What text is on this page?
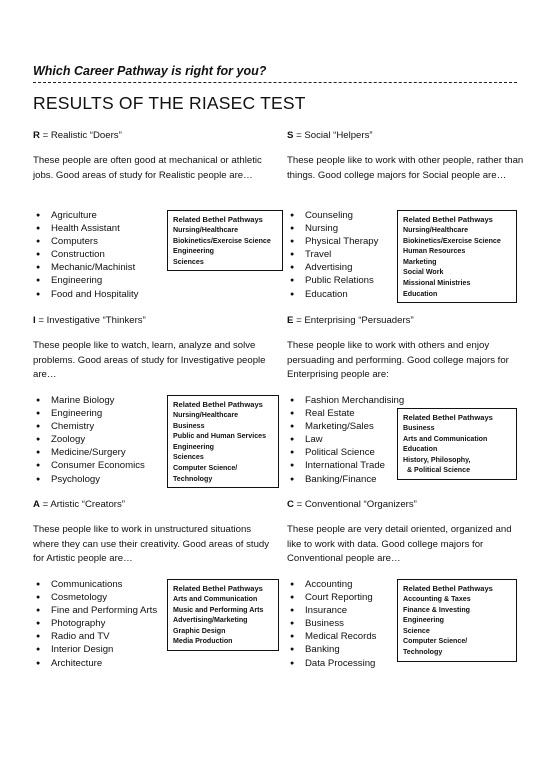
Which Career Pathway is right for you?
RESULTS OF THE RIASEC TEST
R = Realistic “Doers”
These people are often good at mechanical or athletic jobs. Good areas of study for Realistic people are…
● Agriculture
● Health Assistant
● Computers
● Construction
● Mechanic/Machinist
● Engineering
● Food and Hospitality
Related Bethel Pathways
Nursing/Healthcare
Biokinetics/Exercise Science
Engineering
Sciences
S = Social “Helpers”
These people like to work with other people, rather than things. Good college majors for Social people are…
● Counseling
● Nursing
● Physical Therapy
● Travel
● Advertising
● Public Relations
● Education
Related Bethel Pathways
Nursing/Healthcare
Biokinetics/Exercise Science
Human Resources
Marketing
Social Work
Missional Ministries
Education
I = Investigative “Thinkers”
These people like to watch, learn, analyze and solve problems. Good areas of study for Investigative people are…
● Marine Biology
● Engineering
● Chemistry
● Zoology
● Medicine/Surgery
● Consumer Economics
● Psychology
Related Bethel Pathways
Nursing/Healthcare
Business
Public and Human Services
Engineering
Sciences
Computer Science/
Technology
E = Enterprising “Persuaders”
These people like to work with others and enjoy persuading and performing. Good college majors for Enterprising people are:
● Fashion Merchandising
● Real Estate
● Marketing/Sales
● Law
● Political Science
● International Trade
● Banking/Finance
Related Bethel Pathways
Business
Arts and Communication
Education
History, Philosophy,
& Political Science
A = Artistic “Creators”
These people like to work in unstructured situations where they can use their creativity. Good areas of study for Artistic people are…
● Communications
● Cosmetology
● Fine and Performing Arts
● Photography
● Radio and TV
● Interior Design
● Architecture
Related Bethel Pathways
Arts and Communication
Music and Performing Arts
Advertising/Marketing
Graphic Design
Media Production
C = Conventional “Organizers”
These people are very detail oriented, organized and like to work with data. Good college majors for Conventional people are…
● Accounting
● Court Reporting
● Insurance
● Business
● Medical Records
● Banking
● Data Processing
Related Bethel Pathways
Accounting & Taxes
Finance & Investing
Engineering
Science
Computer Science/
Technology
